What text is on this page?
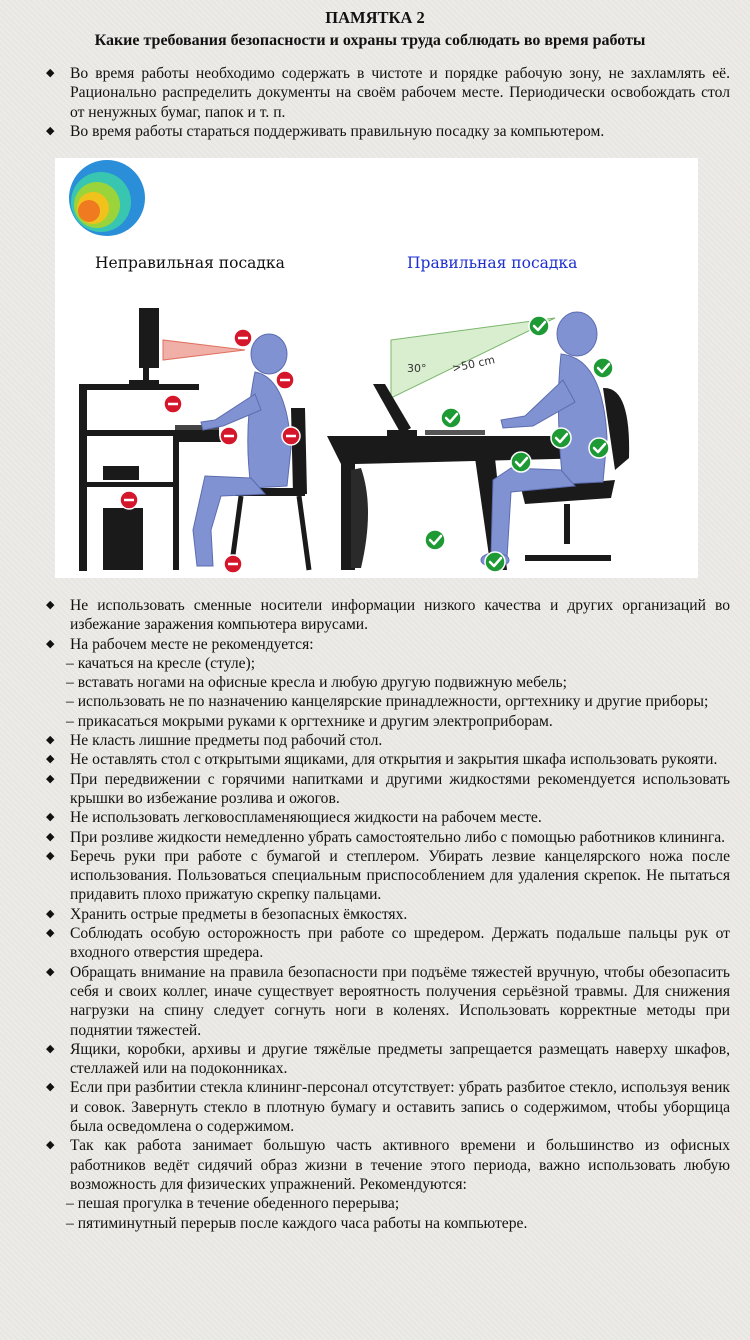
ПАМЯТКА 2
Какие требования безопасности и охраны труда соблюдать во время работы
◆ Во время работы необходимо содержать в чистоте и порядке рабочую зону, не захламлять её. Рационально распределить документы на своём рабочем месте. Периодически освобождать стол от ненужных бумаг, папок и т. п.
◆ Во время работы стараться поддерживать правильную посадку за компьютером.
30° >50 cm
Неправильная посадка	Правильная посадка
◆ Не использовать сменные носители информации низкого качества и других организаций во избежание заражения компьютера вирусами.
◆ На рабочем месте не рекомендуется:
– качаться на кресле (стуле);
– вставать ногами на офисные кресла и любую другую подвижную мебель;
– использовать не по назначению канцелярские принадлежности, оргтехнику и другие приборы;
– прикасаться мокрыми руками к оргтехнике и другим электроприборам.
◆ Не класть лишние предметы под рабочий стол.
◆ Не оставлять стол с открытыми ящиками, для открытия и закрытия шкафа использовать рукояти.
◆ При передвижении с горячими напитками и другими жидкостями рекомендуется использовать крышки во избежание розлива и ожогов.
◆ Не использовать легковоспламеняющиеся жидкости на рабочем месте.
◆ При розливе жидкости немедленно убрать самостоятельно либо с помощью работников клининга.
◆ Беречь руки при работе с бумагой и степлером. Убирать лезвие канцелярского ножа после использования. Пользоваться специальным приспособлением для удаления скрепок. Не пытаться придавить плохо прижатую скрепку пальцами.
◆ Хранить острые предметы в безопасных ёмкостях.
◆ Соблюдать особую осторожность при работе со шредером. Держать подальше пальцы рук от входного отверстия шредера.
◆ Обращать внимание на правила безопасности при подъёме тяжестей вручную, чтобы обезопасить себя и своих коллег, иначе существует вероятность получения серьёзной травмы. Для снижения нагрузки на спину следует согнуть ноги в коленях. Использовать корректные методы при поднятии тяжестей.
◆ Ящики, коробки, архивы и другие тяжёлые предметы запрещается размещать наверху шкафов, стеллажей или на подоконниках.
◆ Если при разбитии стекла клининг-персонал отсутствует: убрать разбитое стекло, используя веник и совок. Завернуть стекло в плотную бумагу и оставить запись о содержимом, чтобы уборщица была осведомлена о содержимом.
◆ Так как работа занимает большую часть активного времени и большинство из офисных работников ведёт сидячий образ жизни в течение этого периода, важно использовать любую возможность для физических упражнений. Рекомендуются:
– пешая прогулка в течение обеденного перерыва;
– пятиминутный перерыв после каждого часа работы на компьютере.
